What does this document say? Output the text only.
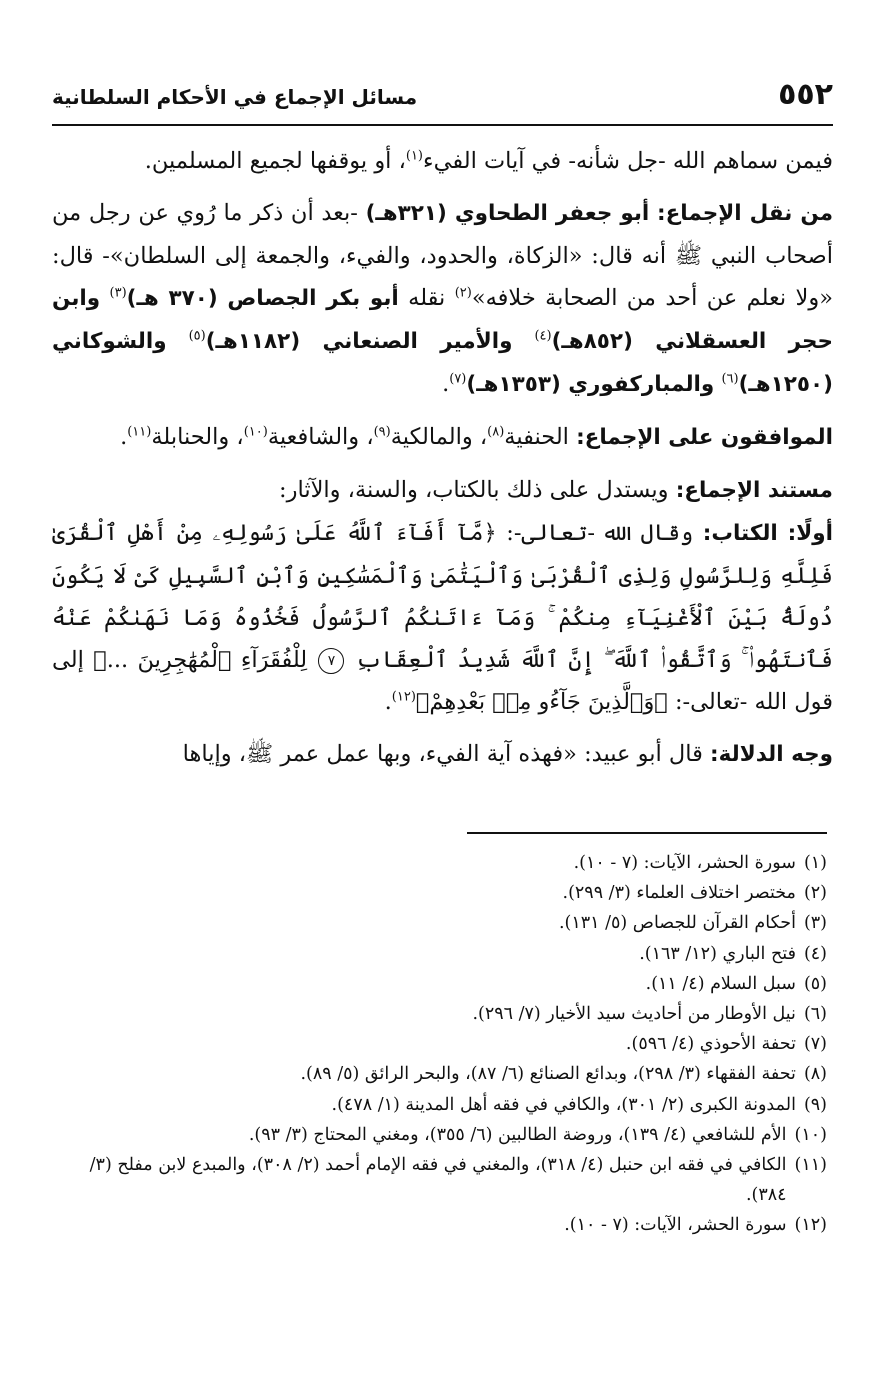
٥٥٢
مسائل الإجماع في الأحكام السلطانية

فيمن سماهم الله -جل شأنه- في آيات الفيء$^{(١)}$، أو يوقفها لجميع المسلمين.

من نقل الإجماع: أبو جعفر الطحاوي (٣٢١هـ) -بعد أن ذكر ما رُوي عن رجل من أصحاب النبي ﷺ أنه قال: «الزكاة، والحدود، والفيء، والجمعة إلى السلطان»- قال: «ولا نعلم عن أحد من الصحابة خلافه»$^{(٢)}$ نقله أبو بكر الجصاص (٣٧٠ هـ)$^{(٣)}$ وابن حجر العسقلاني (٨٥٢هـ)$^{(٤)}$ والأمير الصنعاني (١١٨٢هـ)$^{(٥)}$ والشوكاني (١٢٥٠هـ)$^{(٦)}$ والمباركفوري (١٣٥٣هـ)$^{(٧)}$.

الموافقون على الإجماع: الحنفية$^{(٨)}$، والمالكية$^{(٩)}$، والشافعية$^{(١٠)}$، والحنابلة$^{(١١)}$.

مستند الإجماع: ويستدل على ذلك بالكتاب، والسنة، والآثار:

أولًا: الكتاب: وقال الله -تعالى-: ﴿مَّآ أَفَآءَ ٱللَّهُ عَلَىٰ رَسُولِهِۦ مِنْ أَهْلِ ٱلْقُرَىٰ فَلِلَّهِ وَلِلرَّسُولِ وَلِذِى ٱلْقُرْبَىٰ وَٱلْيَتَٰمَىٰ وَٱلْمَسَٰكِينِ وَٱبْنِ ٱلسَّبِيلِ كَىْ لَا يَكُونَ دُولَةًۢ بَيْنَ ٱلْأَغْنِيَآءِ مِنكُمْ ۚ وَمَآ ءَاتَىٰكُمُ ٱلرَّسُولُ فَخُذُوهُ وَمَا نَهَىٰكُمْ عَنْهُ فَٱنتَهُوا۟ ۚ وَٱتَّقُوا۟ ٱللَّهَ ۖ إِنَّ ٱللَّهَ شَدِيدُ ٱلْعِقَابِ ٧ لِلْفُقَرَآءِ ٱلْمُهَٰجِرِينَ ...﴾ إلى قول الله -تعالى-: ﴿وَٱلَّذِينَ جَآءُو مِنۢ بَعْدِهِمْ﴾$^{(١٢)}$.

وجه الدلالة: قال أبو عبيد: «فهذه آية الفيء، وبها عمل عمر ﷺ، وإياها

(١)
سورة الحشر، الآيات: (٧ - ١٠).
(٢)
مختصر اختلاف العلماء (٣/ ٢٩٩).
(٣)
أحكام القرآن للجصاص (٥/ ١٣١).
(٤)
فتح الباري (١٢/ ١٦٣).
(٥)
سبل السلام (٤/ ١١).
(٦)
نيل الأوطار من أحاديث سيد الأخيار (٧/ ٢٩٦).
(٧)
تحفة الأحوذي (٤/ ٥٩٦).
(٨)
تحفة الفقهاء (٣/ ٢٩٨)، وبدائع الصنائع (٦/ ٨٧)، والبحر الرائق (٥/ ٨٩).
(٩)
المدونة الكبرى (٢/ ٣٠١)، والكافي في فقه أهل المدينة (١/ ٤٧٨).
(١٠)
الأم للشافعي (٤/ ١٣٩)، وروضة الطالبين (٦/ ٣٥٥)، ومغني المحتاج (٣/ ٩٣).
(١١)
الكافي في فقه ابن حنبل (٤/ ٣١٨)، والمغني في فقه الإمام أحمد (٢/ ٣٠٨)، والمبدع لابن مفلح (٣/ ٣٨٤).
(١٢)
سورة الحشر، الآيات: (٧ - ١٠).
